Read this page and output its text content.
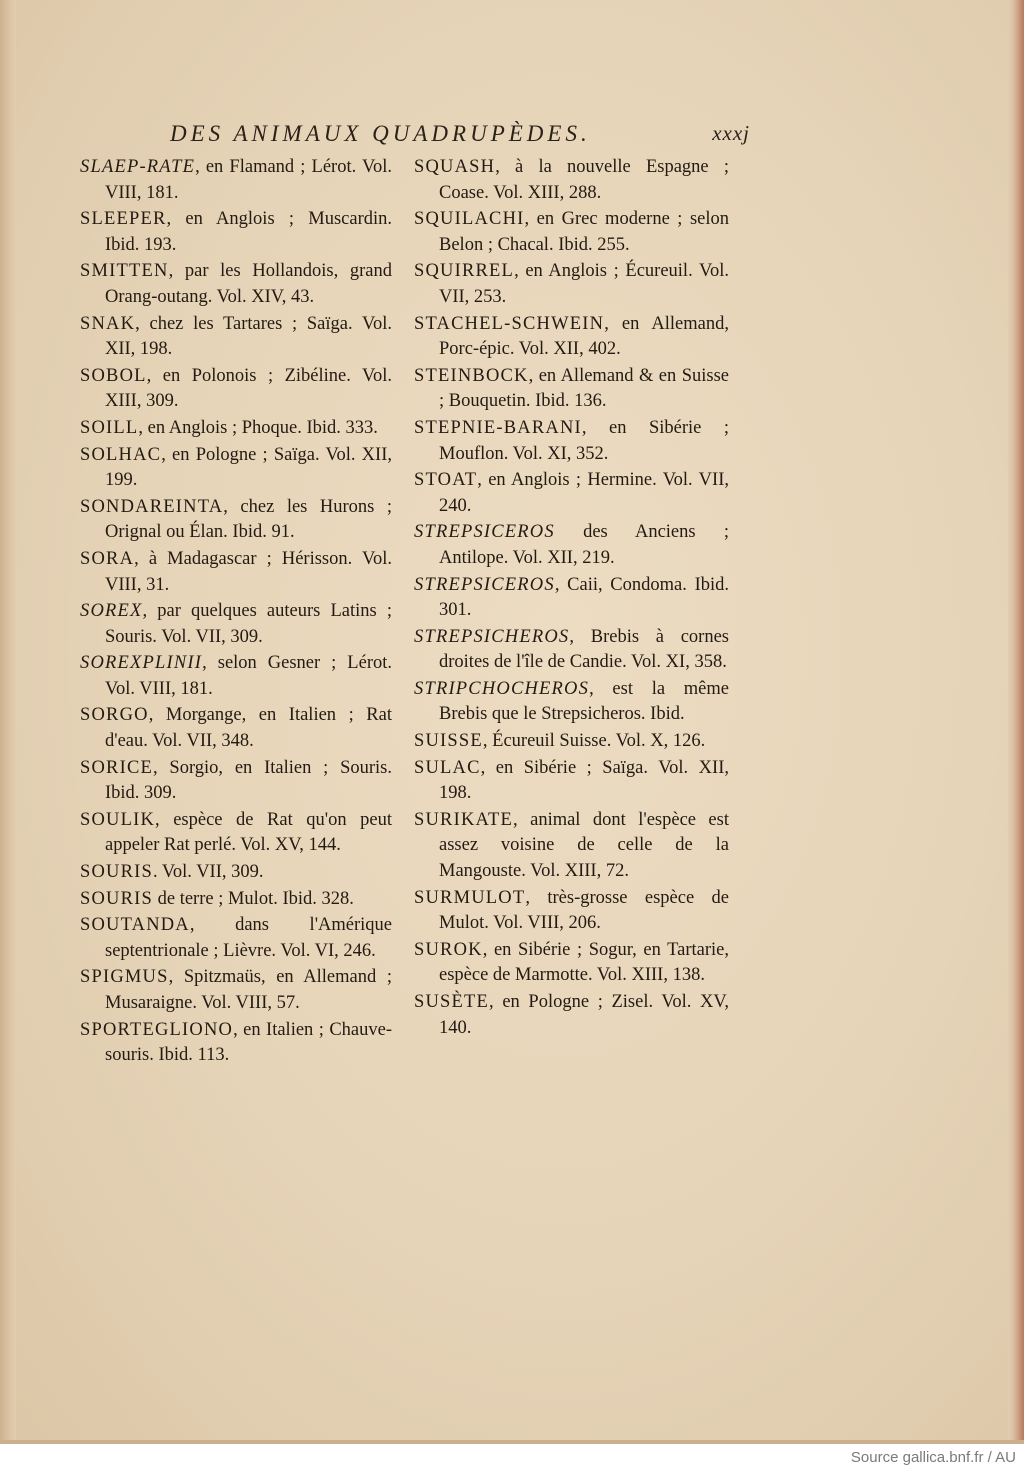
DES ANIMAUX QUADRUPÈDES.	xxxj
SLAEP-RATE, en Flamand ; Lérot. Vol. VIII, 181.
SLEEPER, en Anglois ; Muscardin. Ibid. 193.
SMITTEN, par les Hollandois, grand Orang-outang. Vol. XIV, 43.
SNAK, chez les Tartares ; Saïga. Vol. XII, 198.
SOBOL, en Polonois ; Zibéline. Vol. XIII, 309.
SOILL, en Anglois ; Phoque. Ibid. 333.
SOLHAC, en Pologne ; Saïga. Vol. XII, 199.
SONDAREINTA, chez les Hurons ; Orignal ou Élan. Ibid. 91.
SORA, à Madagascar ; Hérisson. Vol. VIII, 31.
SOREX, par quelques auteurs Latins ; Souris. Vol. VII, 309.
SOREXPLINII, selon Gesner ; Lérot. Vol. VIII, 181.
SORGO, Morgange, en Italien ; Rat d'eau. Vol. VII, 348.
SORICE, Sorgio, en Italien ; Souris. Ibid. 309.
SOULIK, espèce de Rat qu'on peut appeler Rat perlé. Vol. XV, 144.
SOURIS. Vol. VII, 309.
SOURIS de terre ; Mulot. Ibid. 328.
SOUTANDA, dans l'Amérique septentrionale ; Lièvre. Vol. VI, 246.
SPIGMUS, Spitzmaüs, en Allemand ; Musaraigne. Vol. VIII, 57.
SPORTEGLIONO, en Italien ; Chauve-souris. Ibid. 113.
SQUASH, à la nouvelle Espagne ; Coase. Vol. XIII, 288.
SQUILACHI, en Grec moderne ; selon Belon ; Chacal. Ibid. 255.
SQUIRREL, en Anglois ; Écureuil. Vol. VII, 253.
STACHEL-SCHWEIN, en Allemand, Porc-épic. Vol. XII, 402.
STEINBOCK, en Allemand & en Suisse ; Bouquetin. Ibid. 136.
STEPNIE-BARANI, en Sibérie ; Mouflon. Vol. XI, 352.
STOAT, en Anglois ; Hermine. Vol. VII, 240.
STREPSICEROS des Anciens ; Antilope. Vol. XII, 219.
STREPSICEROS, Caii, Condoma. Ibid. 301.
STREPSICHEROS, Brebis à cornes droites de l'île de Candie. Vol. XI, 358.
STRIPCHOCHEROS, est la même Brebis que le Strepsicheros. Ibid.
SUISSE, Écureuil Suisse. Vol. X, 126.
SULAC, en Sibérie ; Saïga. Vol. XII, 198.
SURIKATE, animal dont l'espèce est assez voisine de celle de la Mangouste. Vol. XIII, 72.
SURMULOT, très-grosse espèce de Mulot. Vol. VIII, 206.
SUROK, en Sibérie ; Sogur, en Tartarie, espèce de Marmotte. Vol. XIII, 138.
SUSÈTE, en Pologne ; Zisel. Vol. XV, 140.
Source gallica.bnf.fr / AU
